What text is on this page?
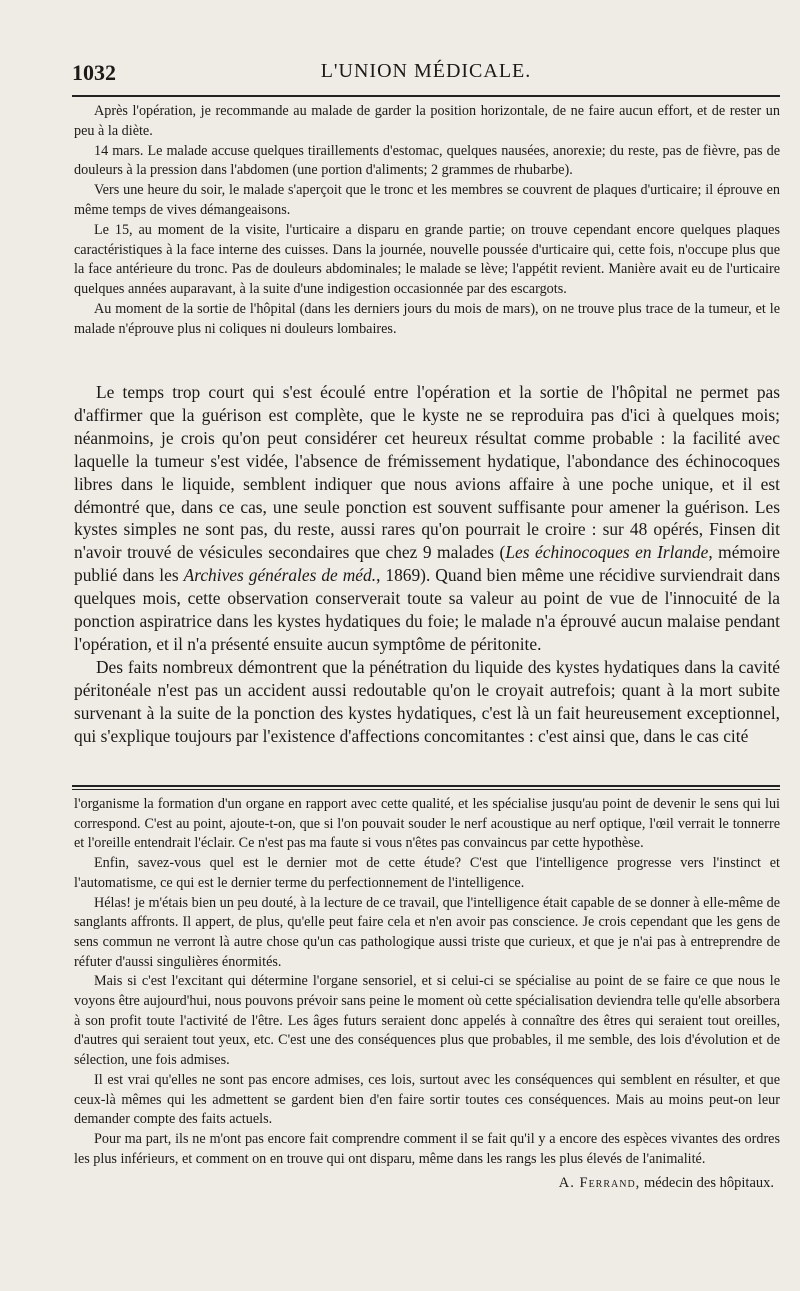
1032	L'UNION MÉDICALE.

Après l'opération, je recommande au malade de garder la position horizontale, de ne faire aucun effort, et de rester un peu à la diète.

14 mars. Le malade accuse quelques tiraillements d'estomac, quelques nausées, anorexie; du reste, pas de fièvre, pas de douleurs à la pression dans l'abdomen (une portion d'aliments; 2 grammes de rhubarbe).

Vers une heure du soir, le malade s'aperçoit que le tronc et les membres se couvrent de plaques d'urticaire; il éprouve en même temps de vives démangeaisons.

Le 15, au moment de la visite, l'urticaire a disparu en grande partie; on trouve cependant encore quelques plaques caractéristiques à la face interne des cuisses. Dans la journée, nouvelle poussée d'urticaire qui, cette fois, n'occupe plus que la face antérieure du tronc. Pas de douleurs abdominales; le malade se lève; l'appétit revient. Manière avait eu de l'urticaire quelques années auparavant, à la suite d'une indigestion occasionnée par des escargots.

Au moment de la sortie de l'hôpital (dans les derniers jours du mois de mars), on ne trouve plus trace de la tumeur, et le malade n'éprouve plus ni coliques ni douleurs lombaires.

Le temps trop court qui s'est écoulé entre l'opération et la sortie de l'hôpital ne permet pas d'affirmer que la guérison est complète, que le kyste ne se reproduira pas d'ici à quelques mois; néanmoins, je crois qu'on peut considérer cet heureux résultat comme probable : la facilité avec laquelle la tumeur s'est vidée, l'absence de frémissement hydatique, l'abondance des échinocoques libres dans le liquide, semblent indiquer que nous avions affaire à une poche unique, et il est démontré que, dans ce cas, une seule ponction est souvent suffisante pour amener la guérison. Les kystes simples ne sont pas, du reste, aussi rares qu'on pourrait le croire : sur 48 opérés, Finsen dit n'avoir trouvé de vésicules secondaires que chez 9 malades (Les échinocoques en Irlande, mémoire publié dans les Archives générales de méd., 1869). Quand bien même une récidive surviendrait dans quelques mois, cette observation conserverait toute sa valeur au point de vue de l'innocuité de la ponction aspiratrice dans les kystes hydatiques du foie; le malade n'a éprouvé aucun malaise pendant l'opération, et il n'a présenté ensuite aucun symptôme de péritonite.

Des faits nombreux démontrent que la pénétration du liquide des kystes hydatiques dans la cavité péritonéale n'est pas un accident aussi redoutable qu'on le croyait autrefois; quant à la mort subite survenant à la suite de la ponction des kystes hydatiques, c'est là un fait heureusement exceptionnel, qui s'explique toujours par l'existence d'affections concomitantes : c'est ainsi que, dans le cas cité

l'organisme la formation d'un organe en rapport avec cette qualité, et les spécialise jusqu'au point de devenir le sens qui lui correspond. C'est au point, ajoute-t-on, que si l'on pouvait souder le nerf acoustique au nerf optique, l'œil verrait le tonnerre et l'oreille entendrait l'éclair. Ce n'est pas ma faute si vous n'êtes pas convaincus par cette hypothèse.

Enfin, savez-vous quel est le dernier mot de cette étude? C'est que l'intelligence progresse vers l'instinct et l'automatisme, ce qui est le dernier terme du perfectionnement de l'intelligence.

Hélas! je m'étais bien un peu douté, à la lecture de ce travail, que l'intelligence était capable de se donner à elle-même de sanglants affronts. Il appert, de plus, qu'elle peut faire cela et n'en avoir pas conscience. Je crois cependant que les gens de sens commun ne verront là autre chose qu'un cas pathologique aussi triste que curieux, et que je n'ai pas à entreprendre de réfuter d'aussi singulières énormités.

Mais si c'est l'excitant qui détermine l'organe sensoriel, et si celui-ci se spécialise au point de se faire ce que nous le voyons être aujourd'hui, nous pouvons prévoir sans peine le moment où cette spécialisation deviendra telle qu'elle absorbera à son profit toute l'activité de l'être. Les âges futurs seraient donc appelés à connaître des êtres qui seraient tout oreilles, d'autres qui seraient tout yeux, etc. C'est une des conséquences plus que probables, il me semble, des lois d'évolution et de sélection, une fois admises.

Il est vrai qu'elles ne sont pas encore admises, ces lois, surtout avec les conséquences qui semblent en résulter, et que ceux-là mêmes qui les admettent se gardent bien d'en faire sortir toutes ces conséquences. Mais au moins peut-on leur demander compte des faits actuels.

Pour ma part, ils ne m'ont pas encore fait comprendre comment il se fait qu'il y a encore des espèces vivantes des ordres les plus inférieurs, et comment on en trouve qui ont disparu, même dans les rangs les plus élevés de l'animalité.

A. Ferrand, médecin des hôpitaux.
